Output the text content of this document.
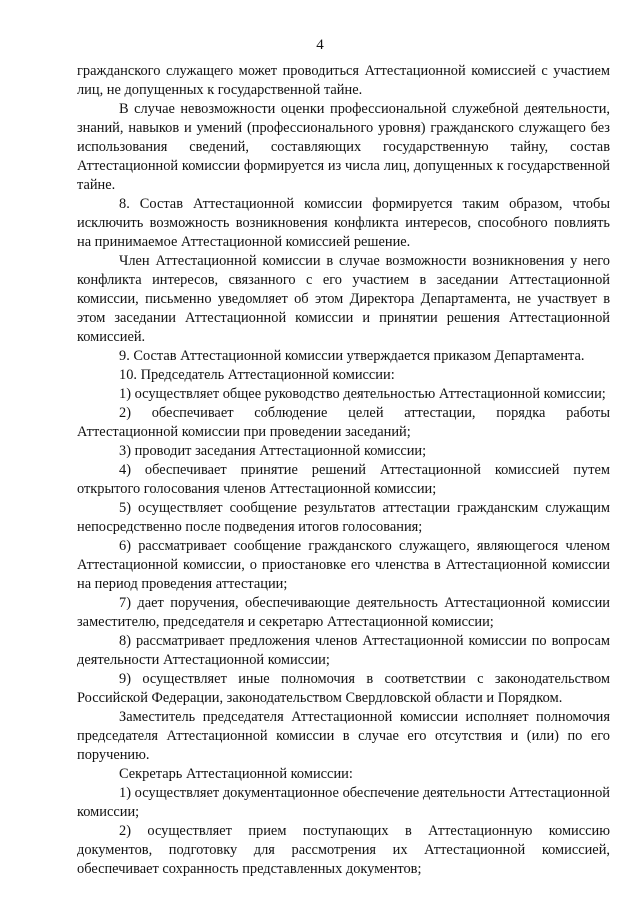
4

гражданского служащего может проводиться Аттестационной комиссией с участием лиц, не допущенных к государственной тайне.

В случае невозможности оценки профессиональной служебной деятельности, знаний, навыков и умений (профессионального уровня) гражданского служащего без использования сведений, составляющих государственную тайну, состав Аттестационной комиссии формируется из числа лиц, допущенных к государственной тайне.

8. Состав Аттестационной комиссии формируется таким образом, чтобы исключить возможность возникновения конфликта интересов, способного повлиять на принимаемое Аттестационной комиссией решение.

Член Аттестационной комиссии в случае возможности возникновения у него конфликта интересов, связанного с его участием в заседании Аттестационной комиссии, письменно уведомляет об этом Директора Департамента, не участвует в этом заседании Аттестационной комиссии и принятии решения Аттестационной комиссией.

9. Состав Аттестационной комиссии утверждается приказом Департамента.

10. Председатель Аттестационной комиссии:

1) осуществляет общее руководство деятельностью Аттестационной комиссии;

2) обеспечивает соблюдение целей аттестации, порядка работы Аттестационной комиссии при проведении заседаний;

3) проводит заседания Аттестационной комиссии;

4) обеспечивает принятие решений Аттестационной комиссией путем открытого голосования членов Аттестационной комиссии;

5) осуществляет сообщение результатов аттестации гражданским служащим непосредственно после подведения итогов голосования;

6) рассматривает сообщение гражданского служащего, являющегося членом Аттестационной комиссии, о приостановке его членства в Аттестационной комиссии на период проведения аттестации;

7) дает поручения, обеспечивающие деятельность Аттестационной комиссии заместителю, председателя и секретарю Аттестационной комиссии;

8) рассматривает предложения членов Аттестационной комиссии по вопросам деятельности Аттестационной комиссии;

9) осуществляет иные полномочия в соответствии с законодательством Российской Федерации, законодательством Свердловской области и Порядком.

Заместитель председателя Аттестационной комиссии исполняет полномочия председателя Аттестационной комиссии в случае его отсутствия и (или) по его поручению.

Секретарь Аттестационной комиссии:

1) осуществляет документационное обеспечение деятельности Аттестационной комиссии;

2) осуществляет прием поступающих в Аттестационную комиссию документов, подготовку для рассмотрения их Аттестационной комиссией, обеспечивает сохранность представленных документов;
